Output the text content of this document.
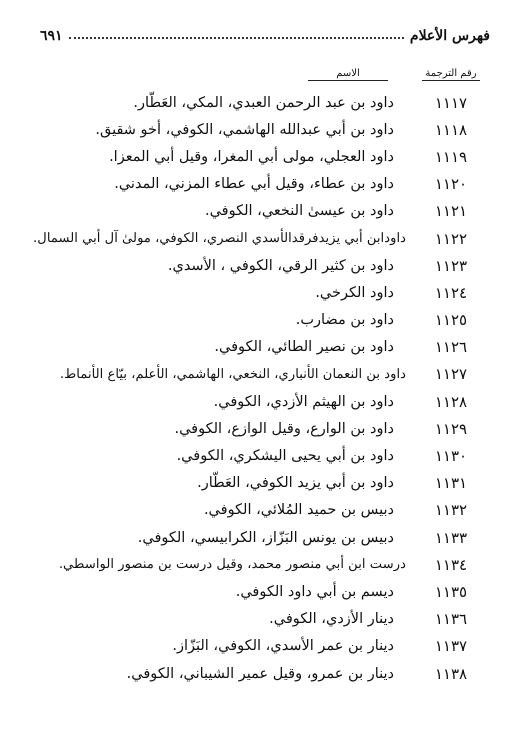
فهرس الأعلام
٦٩١
رقم الترجمة
الاسم
١١١٧
داود بن عبد الرحمن العبدي، المكي، العَطّار.
١١١٨
داود بن أبي عبدالله الهاشمي، الكوفي، أخو شقيق.
١١١٩
داود العجلي، مولى أبي المغرا، وقيل أبي المعزا.
١١٢٠
داود بن عطاء، وقيل أبي عطاء المزني، المدني.
١١٢١
داود بن عيسىٰ النخعي، الكوفي.
١١٢٢
داودابن أبي يزيدفرقدالأسدي النصري، الكوفي، مولىٰ آل أبي السمال.
١١٢٣
داود بن كثير الرقي، الكوفي ، الأسدي.
١١٢٤
داود الكرخي.
١١٢٥
داود بن مضارب.
١١٢٦
داود بن نصير الطائي، الكوفي.
١١٢٧
داود بن النعمان الأنباري، النخعي، الهاشمي، الأعلم، بيّاع الأنماط.
١١٢٨
داود بن الهيثم الأزدي، الكوفي.
١١٢٩
داود بن الوارع، وقيل الوازع، الكوفي.
١١٣٠
داود بن أبي يحيى اليشكري، الكوفي.
١١٣١
داود بن أبي يزيد الكوفي، العَطّار.
١١٣٢
دبيس بن حميد المُلائي، الكوفي.
١١٣٣
دبيس بن يونس البَزّاز، الكرابيسي، الكوفي.
١١٣٤
درست ابن أبي منصور محمد، وقيل درست بن منصور الواسطي.
١١٣٥
ديسم بن أبي داود الكوفي.
١١٣٦
دينار الأزدي، الكوفي.
١١٣٧
دينار بن عمر الأسدي، الكوفي، البَزّاز.
١١٣٨
دينار بن عمرو، وقيل عمير الشيباني، الكوفي.
